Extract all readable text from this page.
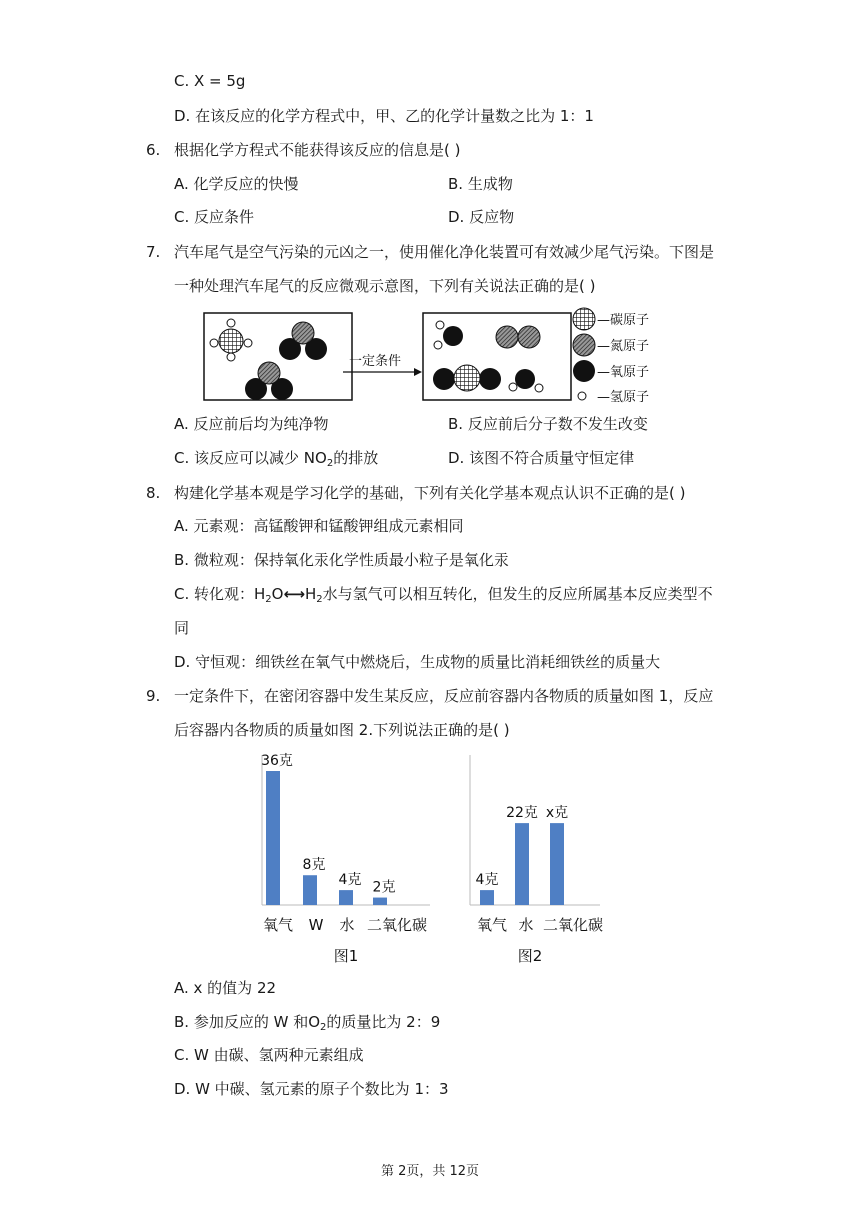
C. X = 5g
D. 在该反应的化学方程式中，甲、乙的化学计量数之比为 1：1
6. 根据化学方程式不能获得该反应的信息是( )
A. 化学反应的快慢	B. 生成物
C. 反应条件	D. 反应物
7. 汽车尾气是空气污染的元凶之一，使用催化净化装置可有效减少尾气污染。下图是
一种处理汽车尾气的反应微观示意图，下列有关说法正确的是( )
一定条件
—碳原子
—氮原子
—氧原子
—氢原子
A. 反应前后均为纯净物	B. 反应前后分子数不发生改变
C. 该反应可以减少 $NO_2$的排放	D. 该图不符合质量守恒定律
8. 构建化学基本观是学习化学的基础，下列有关化学基本观点认识不正确的是( )
A. 元素观：高锰酸钾和锰酸钾组成元素相同
B. 微粒观：保持氧化汞化学性质最小粒子是氧化汞
C. 转化观：$H_2O⟷H_2$水与氢气可以相互转化，但发生的反应所属基本反应类型不
同
D. 守恒观：细铁丝在氧气中燃烧后，生成物的质量比消耗细铁丝的质量大
9. 一定条件下，在密闭容器中发生某反应，反应前容器内各物质的质量如图 1，反应
后容器内各物质的质量如图 2.下列说法正确的是( )
36克
氧气
8克
W
4克
水
2克
二氧化碳
图1
4克
氧气
22克
水
x克
二氧化碳
图2
A. x 的值为 22
B. 参加反应的 W 和$O_2$的质量比为 2：9
C. W 由碳、氢两种元素组成
D. W 中碳、氢元素的原子个数比为 1：3
第 2页，共 12页
